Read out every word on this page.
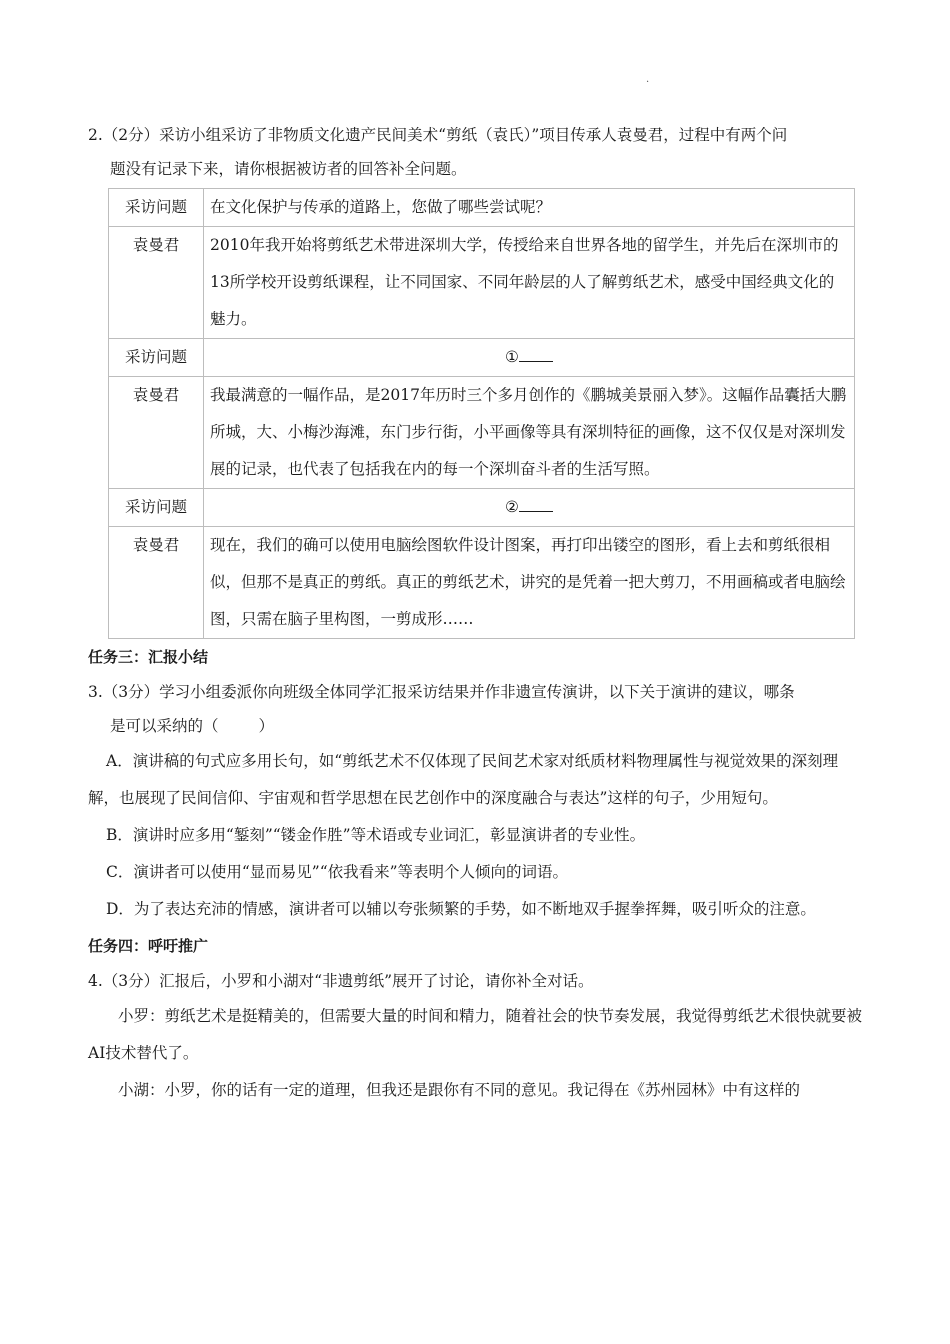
.

2.（2分）采访小组采访了非物质文化遗产民间美术“剪纸（袁氏）”项目传承人袁曼君，过程中有两个问

题没有记录下来，请你根据被访者的回答补全问题。

采访问题	在文化保护与传承的道路上，您做了哪些尝试呢？
袁曼君	2010年我开始将剪纸艺术带进深圳大学，传授给来自世界各地的留学生，并先后在深圳市的13所学校开设剪纸课程，让不同国家、不同年龄层的人了解剪纸艺术，感受中国经典文化的魅力。
采访问题	①
袁曼君	我最满意的一幅作品，是2017年历时三个多月创作的《鹏城美景丽入梦》。这幅作品囊括大鹏所城，大、小梅沙海滩，东门步行街，小平画像等具有深圳特征的画像，这不仅仅是对深圳发展的记录，也代表了包括我在内的每一个深圳奋斗者的生活写照。
采访问题	②
袁曼君	现在，我们的确可以使用电脑绘图软件设计图案，再打印出镂空的图形，看上去和剪纸很相似，但那不是真正的剪纸。真正的剪纸艺术，讲究的是凭着一把大剪刀，不用画稿或者电脑绘图，只需在脑子里构图，一剪成形……

任务三：汇报小结

3.（3分）学习小组委派你向班级全体同学汇报采访结果并作非遗宣传演讲，以下关于演讲的建议，哪条

是可以采纳的（	）

A．演讲稿的句式应多用长句，如“剪纸艺术不仅体现了民间艺术家对纸质材料物理属性与视觉效果的深刻理解，也展现了民间信仰、宇宙观和哲学思想在民艺创作中的深度融合与表达”这样的句子，少用短句。

B．演讲时应多用“錾刻”“镂金作胜”等术语或专业词汇，彰显演讲者的专业性。

C．演讲者可以使用“显而易见”“依我看来”等表明个人倾向的词语。

D．为了表达充沛的情感，演讲者可以辅以夸张频繁的手势，如不断地双手握拳挥舞，吸引听众的注意。

任务四：呼吁推广

4.（3分）汇报后，小罗和小湖对“非遗剪纸”展开了讨论，请你补全对话。

小罗：剪纸艺术是挺精美的，但需要大量的时间和精力，随着社会的快节奏发展，我觉得剪纸艺术很快就要被AI技术替代了。

小湖：小罗，你的话有一定的道理，但我还是跟你有不同的意见。我记得在《苏州园林》中有这样的
